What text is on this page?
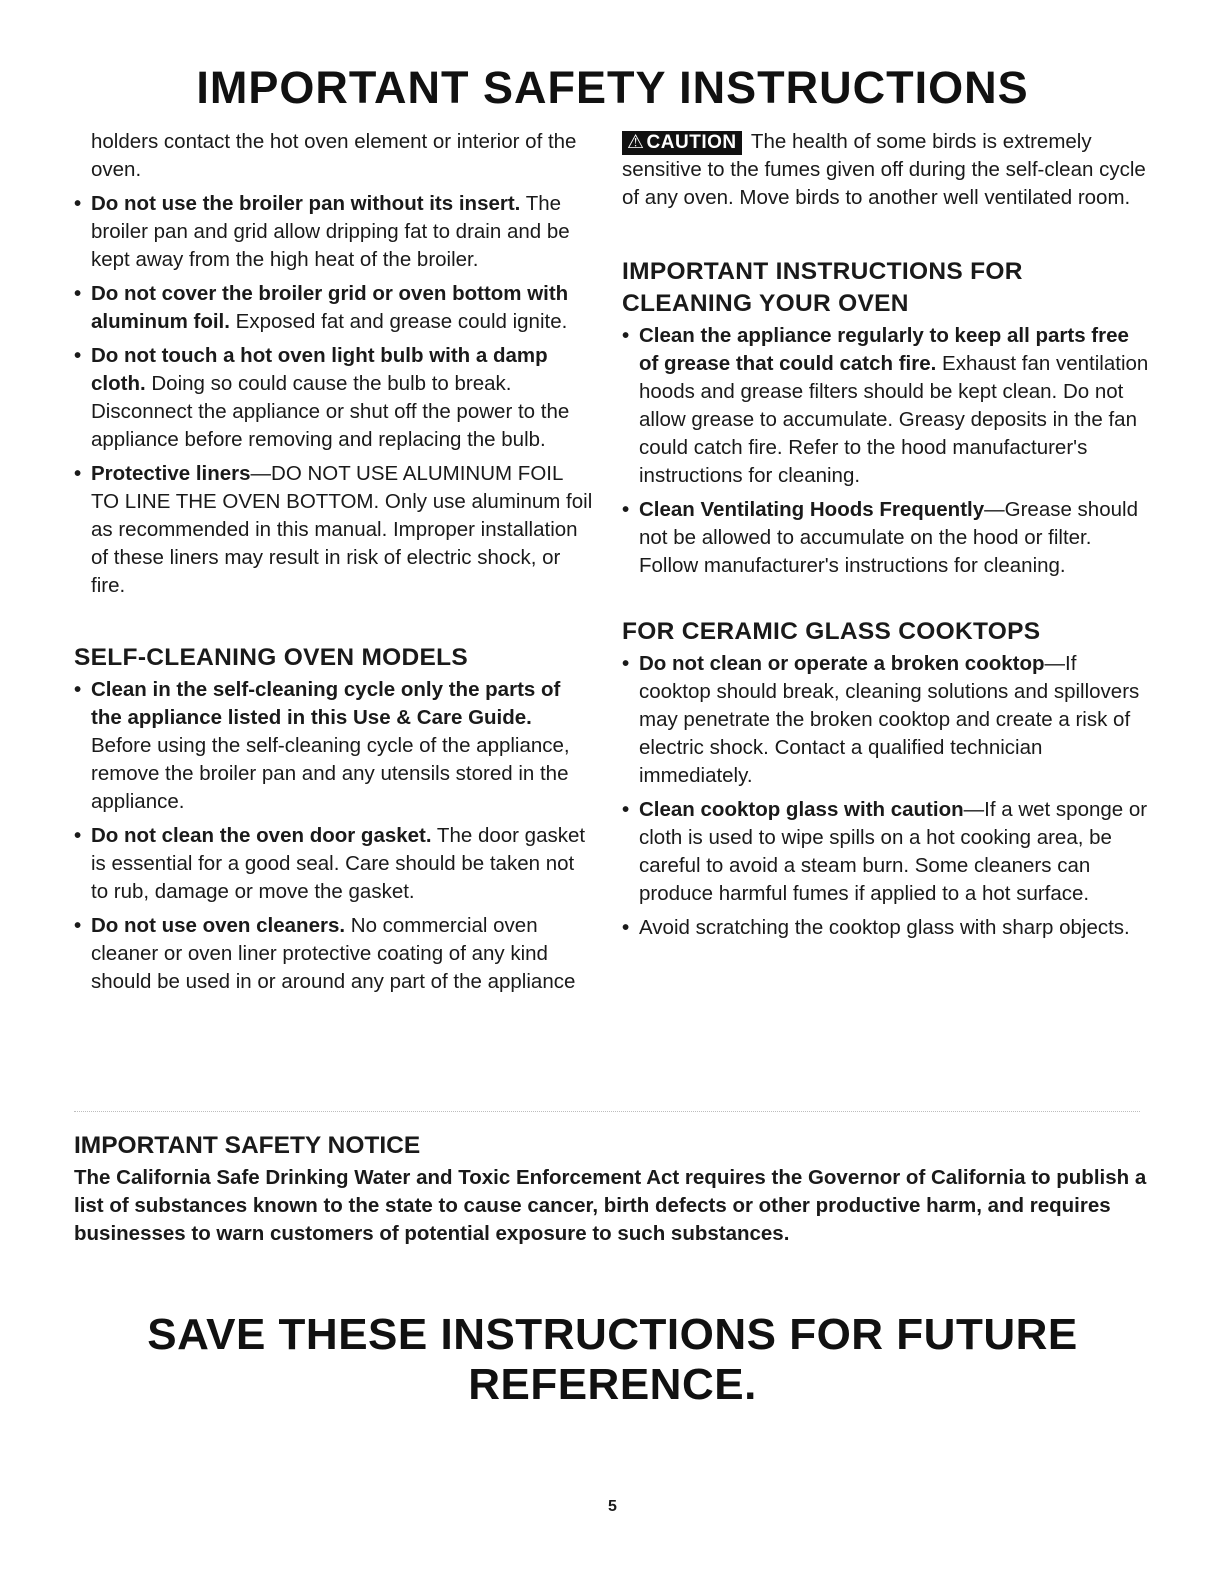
IMPORTANT SAFETY INSTRUCTIONS

holders contact the hot oven element or interior of the oven.

• Do not use the broiler pan without its insert. The broiler pan and grid allow dripping fat to drain and be kept away from the high heat of the broiler.
• Do not cover the broiler grid or oven bottom with aluminum foil. Exposed fat and grease could ignite.
• Do not touch a hot oven light bulb with a damp cloth. Doing so could cause the bulb to break. Disconnect the appliance or shut off the power to the appliance before removing and replacing the bulb.
• Protective liners—DO NOT USE ALUMINUM FOIL TO LINE THE OVEN BOTTOM. Only use aluminum foil as recommended in this manual. Improper installation of these liners may result in risk of electric shock, or fire.
SELF-CLEANING OVEN MODELS
• Clean in the self-cleaning cycle only the parts of the appliance listed in this Use & Care Guide. Before using the self-cleaning cycle of the appliance, remove the broiler pan and any utensils stored in the appliance.
• Do not clean the oven door gasket. The door gasket is essential for a good seal. Care should be taken not to rub, damage or move the gasket.
• Do not use oven cleaners. No commercial oven cleaner or oven liner protective coating of any kind should be used in or around any part of the appliance

⚠ CAUTION The health of some birds is extremely sensitive to the fumes given off during the self-clean cycle of any oven. Move birds to another well ventilated room.

IMPORTANT INSTRUCTIONS FOR
CLEANING YOUR OVEN
• Clean the appliance regularly to keep all parts free of grease that could catch fire. Exhaust fan ventilation hoods and grease filters should be kept clean. Do not allow grease to accumulate. Greasy deposits in the fan could catch fire. Refer to the hood manufacturer's instructions for cleaning.
• Clean Ventilating Hoods Frequently—Grease should not be allowed to accumulate on the hood or filter. Follow manufacturer's instructions for cleaning.
FOR CERAMIC GLASS COOKTOPS
• Do not clean or operate a broken cooktop—If cooktop should break, cleaning solutions and spillovers may penetrate the broken cooktop and create a risk of electric shock. Contact a qualified technician immediately.
• Clean cooktop glass with caution—If a wet sponge or cloth is used to wipe spills on a hot cooking area, be careful to avoid a steam burn. Some cleaners can produce harmful fumes if applied to a hot surface.
• Avoid scratching the cooktop glass with sharp objects.
IMPORTANT SAFETY NOTICE

The California Safe Drinking Water and Toxic Enforcement Act requires the Governor of California to publish a list of substances known to the state to cause cancer, birth defects or other productive harm, and requires businesses to warn customers of potential exposure to such substances.

SAVE THESE INSTRUCTIONS FOR FUTURE REFERENCE.
5
